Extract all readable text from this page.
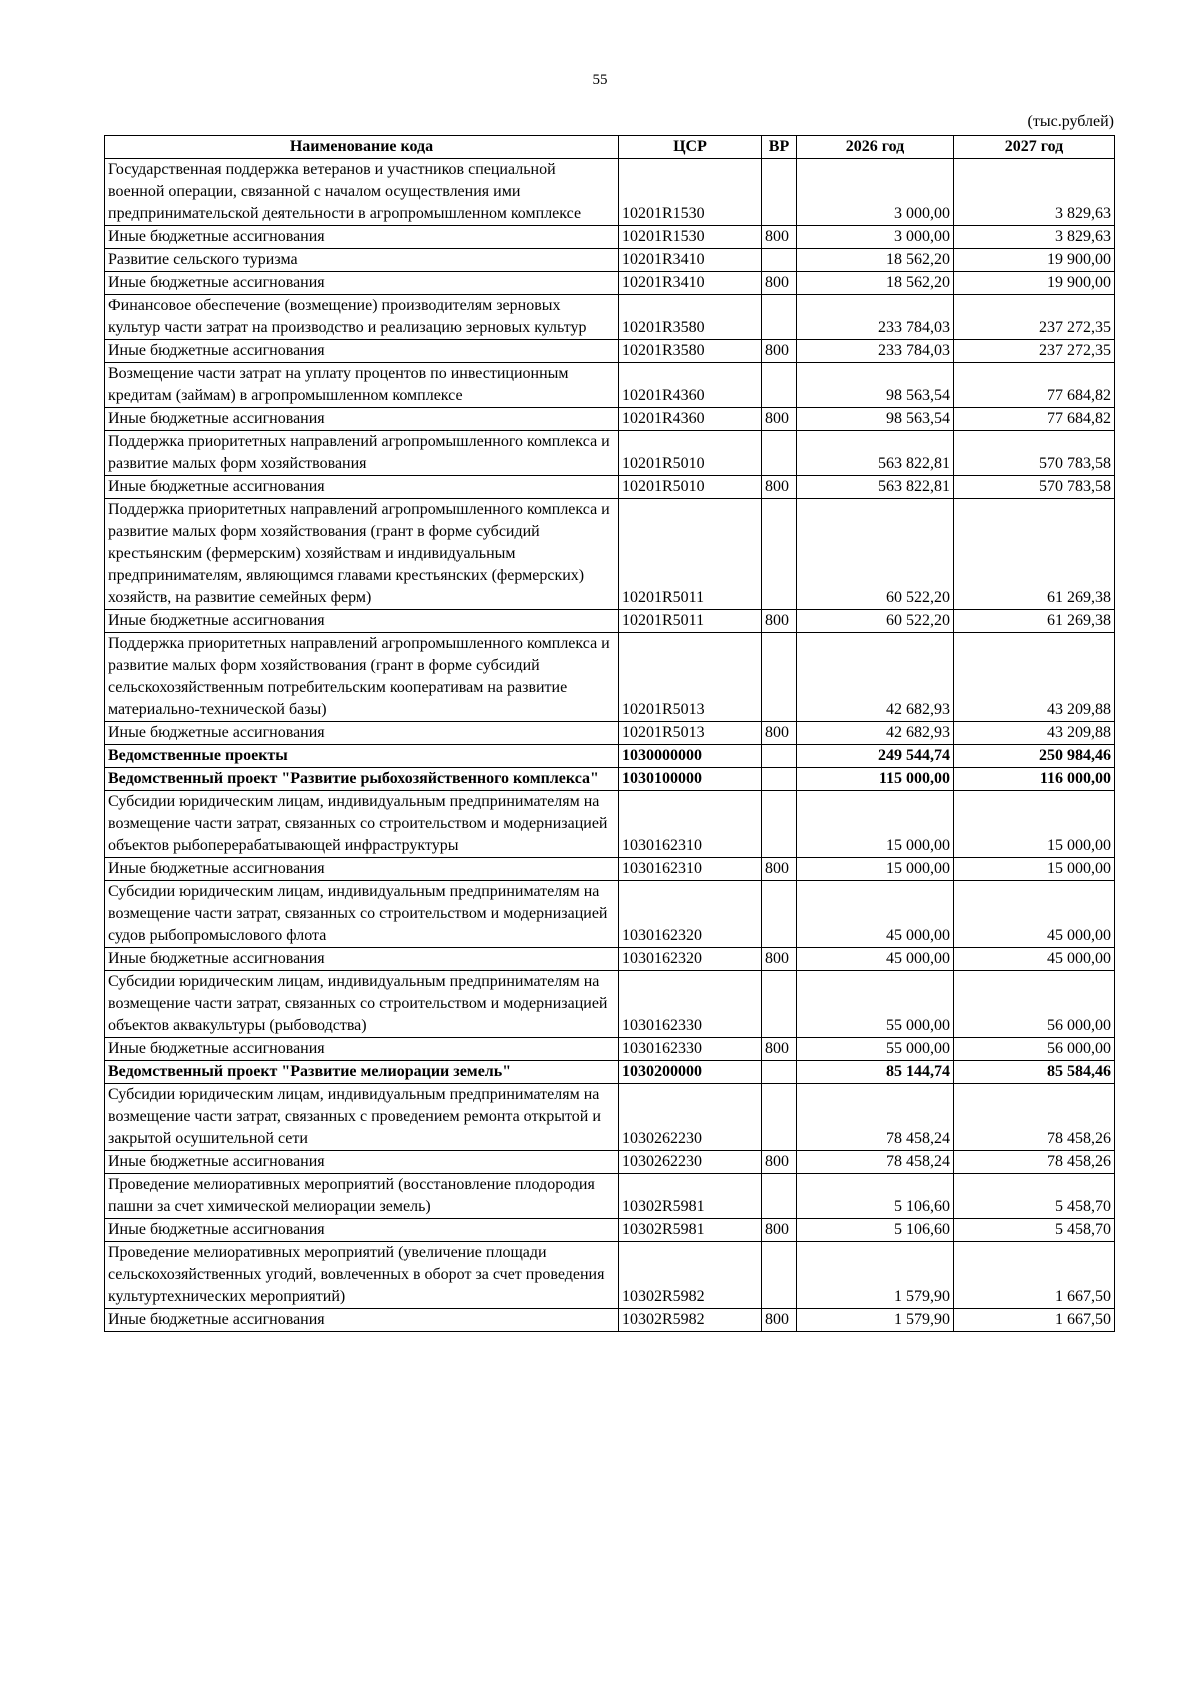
55
(тыс.рублей)
Наименование кода	ЦСР	ВР	2026 год	2027 год
Государственная поддержка ветеранов и участников специальной военной операции, связанной с началом осуществления ими предпринимательской деятельности в агропромышленном комплексе	10201R1530		3 000,00	3 829,63
Иные бюджетные ассигнования	10201R1530	800	3 000,00	3 829,63
Развитие сельского туризма	10201R3410		18 562,20	19 900,00
Иные бюджетные ассигнования	10201R3410	800	18 562,20	19 900,00
Финансовое обеспечение (возмещение) производителям зерновых культур части затрат на производство и реализацию зерновых культур	10201R3580		233 784,03	237 272,35
Иные бюджетные ассигнования	10201R3580	800	233 784,03	237 272,35
Возмещение части затрат на уплату процентов по инвестиционным кредитам (займам) в агропромышленном комплексе	10201R4360		98 563,54	77 684,82
Иные бюджетные ассигнования	10201R4360	800	98 563,54	77 684,82
Поддержка приоритетных направлений агропромышленного комплекса и развитие малых форм хозяйствования	10201R5010		563 822,81	570 783,58
Иные бюджетные ассигнования	10201R5010	800	563 822,81	570 783,58
Поддержка приоритетных направлений агропромышленного комплекса и развитие малых форм хозяйствования (грант в форме субсидий крестьянским (фермерским) хозяйствам и индивидуальным предпринимателям, являющимся главами крестьянских (фермерских) хозяйств, на развитие семейных ферм)	10201R5011		60 522,20	61 269,38
Иные бюджетные ассигнования	10201R5011	800	60 522,20	61 269,38
Поддержка приоритетных направлений агропромышленного комплекса и развитие малых форм хозяйствования (грант в форме субсидий сельскохозяйственным потребительским кооперативам на развитие материально-технической базы)	10201R5013		42 682,93	43 209,88
Иные бюджетные ассигнования	10201R5013	800	42 682,93	43 209,88
Ведомственные проекты	1030000000		249 544,74	250 984,46
Ведомственный проект "Развитие рыбохозяйственного комплекса"	1030100000		115 000,00	116 000,00
Субсидии юридическим лицам, индивидуальным предпринимателям на возмещение части затрат, связанных со строительством и модернизацией объектов рыбоперерабатывающей инфраструктуры	1030162310		15 000,00	15 000,00
Иные бюджетные ассигнования	1030162310	800	15 000,00	15 000,00
Субсидии юридическим лицам, индивидуальным предпринимателям на возмещение части затрат, связанных со строительством и модернизацией судов рыбопромыслового флота	1030162320		45 000,00	45 000,00
Иные бюджетные ассигнования	1030162320	800	45 000,00	45 000,00
Субсидии юридическим лицам, индивидуальным предпринимателям на возмещение части затрат, связанных со строительством и модернизацией объектов аквакультуры (рыбоводства)	1030162330		55 000,00	56 000,00
Иные бюджетные ассигнования	1030162330	800	55 000,00	56 000,00
Ведомственный проект "Развитие мелиорации земель"	1030200000		85 144,74	85 584,46
Субсидии юридическим лицам, индивидуальным предпринимателям на возмещение части затрат, связанных с проведением ремонта открытой и закрытой осушительной сети	1030262230		78 458,24	78 458,26
Иные бюджетные ассигнования	1030262230	800	78 458,24	78 458,26
Проведение мелиоративных мероприятий (восстановление плодородия пашни за счет химической мелиорации земель)	10302R5981		5 106,60	5 458,70
Иные бюджетные ассигнования	10302R5981	800	5 106,60	5 458,70
Проведение мелиоративных мероприятий (увеличение площади сельскохозяйственных угодий, вовлеченных в оборот за счет проведения культуртехнических мероприятий)	10302R5982		1 579,90	1 667,50
Иные бюджетные ассигнования	10302R5982	800	1 579,90	1 667,50
